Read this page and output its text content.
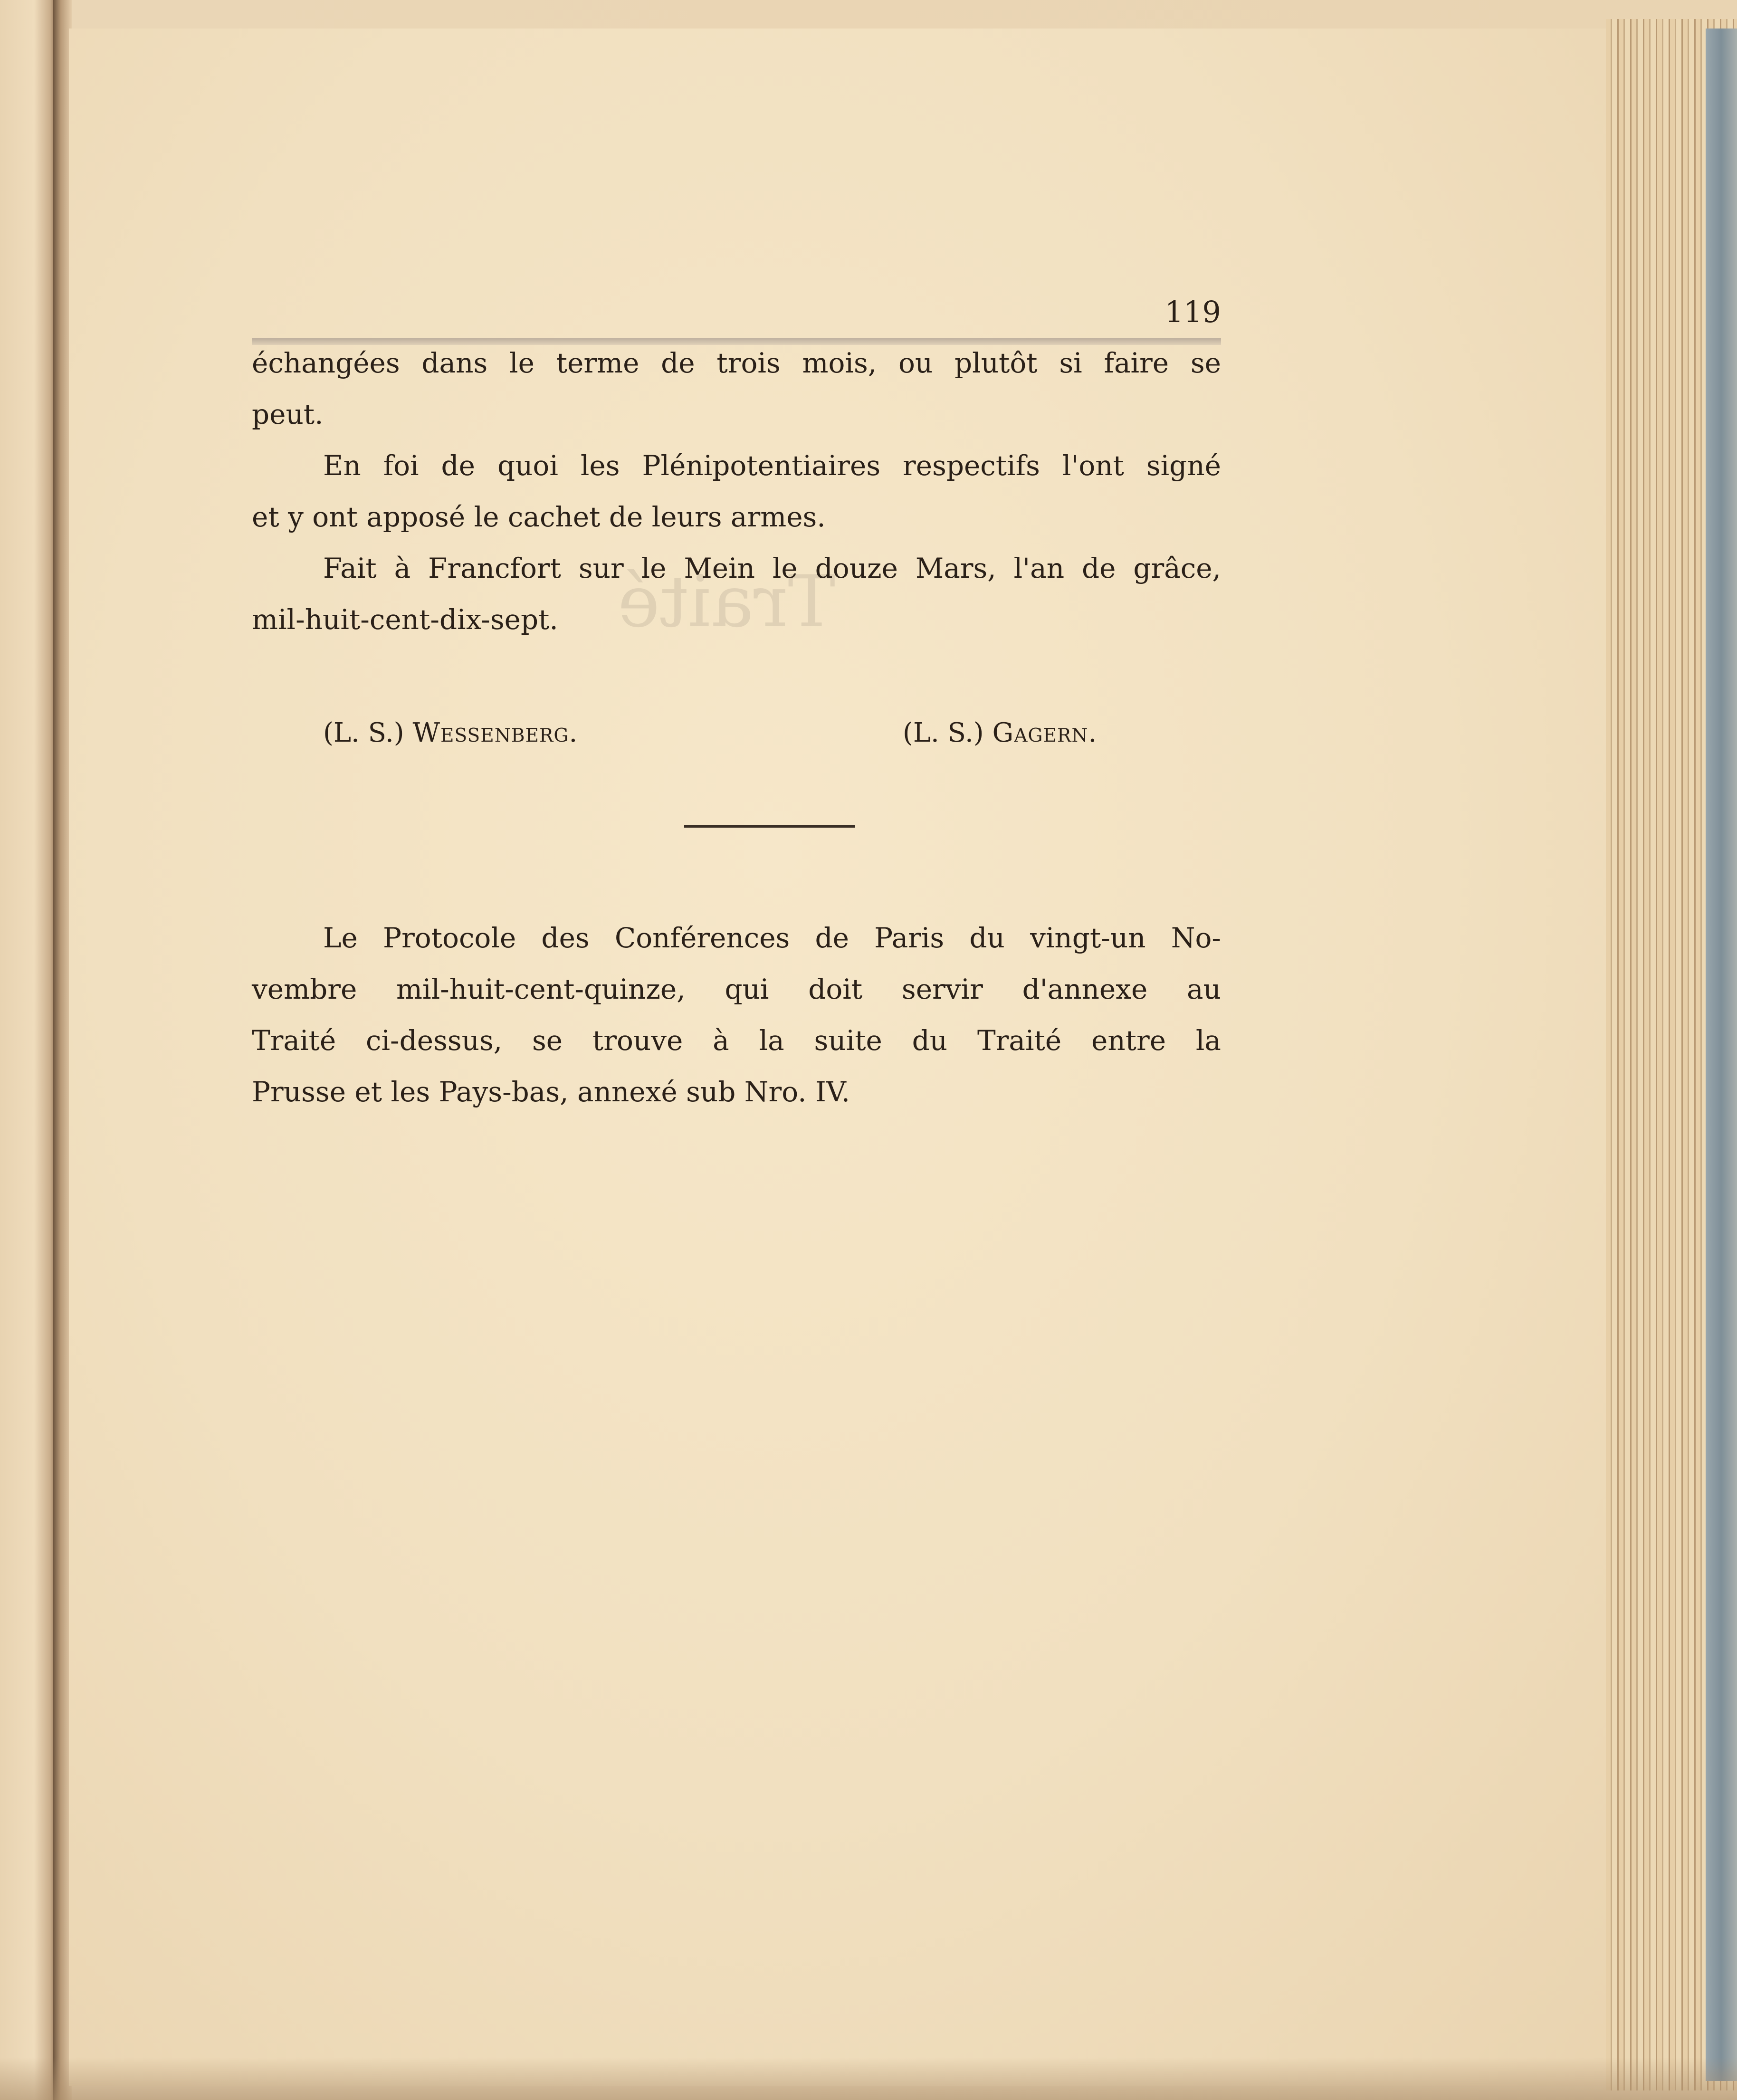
Traité
119
échangées dans le terme de trois mois, ou plutôt si faire se
peut.
En foi de quoi les Plénipotentiaires respectifs l'ont signé
et y ont apposé le cachet de leurs armes.
Fait à Francfort sur le Mein le douze Mars, l'an de grâce,
mil-huit-cent-dix-sept.
(L. S.) Wessenberg.	(L. S.) Gagern.
Le Protocole des Conférences de Paris du vingt-un No-
vembre mil-huit-cent-quinze, qui doit servir d'annexe au
Traité ci-dessus, se trouve à la suite du Traité entre la
Prusse et les Pays-bas, annexé sub Nro. IV.
